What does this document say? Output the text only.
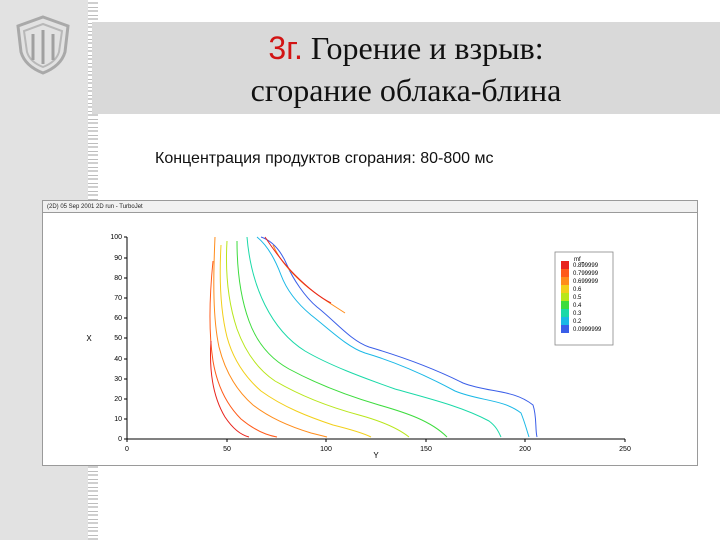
3г. Горение и взрыв:
сгорание облака-блина
Концентрация продуктов сгорания: 80-800 мс
(2D) 05 Sep 2001 2D run - TurboJet
0	50	100	150	200	250
Y
0
10
20
30
40
50
60
70
80
90
100
X
mf_
0.899999
0.799999
0.699999
0.6
0.5
0.4
0.3
0.2
0.0999999
